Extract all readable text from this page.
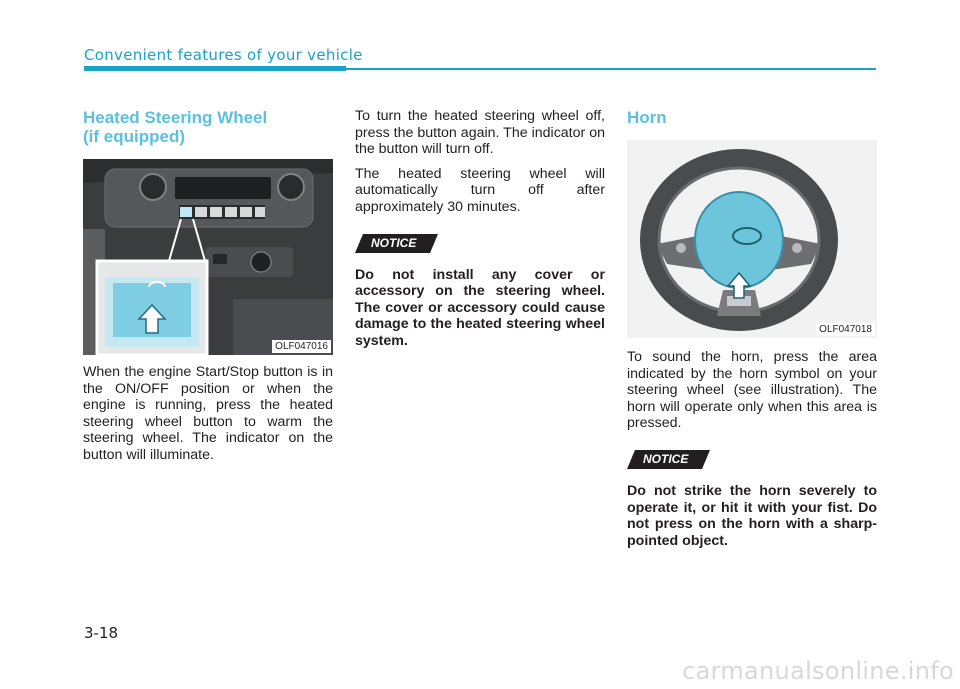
Convenient features of your vehicle
Heated Steering Wheel
(if equipped)
OLF047016

When the engine Start/Stop button is in the ON/OFF position or when the engine is running, press the heated steering wheel button to warm the steering wheel. The indicator on the button will illuminate.

To turn the heated steering wheel off, press the button again. The indicator on the button will turn off.

The heated steering wheel will automatically turn off after approximately 30 minutes.

NOTICE

Do not install any cover or accessory on the steering wheel. The cover or accessory could cause damage to the heated steering wheel system.

Horn
OLF047018

To sound the horn, press the area indicated by the horn symbol on your steering wheel (see illustration). The horn will operate only when this area is pressed.

NOTICE

Do not strike the horn severely to operate it, or hit it with your fist. Do not press on the horn with a sharp-pointed object.

3-18
carmanualsonline.info
